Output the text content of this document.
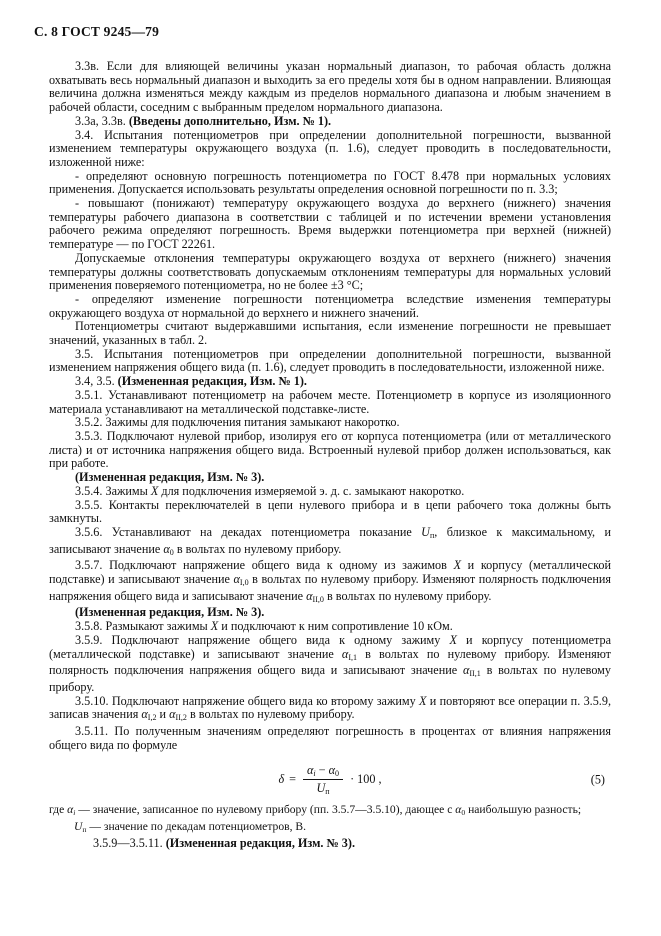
С. 8 ГОСТ 9245—79

3.3в. Если для влияющей величины указан нормальный диапазон, то рабочая область должна охватывать весь нормальный диапазон и выходить за его пределы хотя бы в одном направлении. Влияющая величина должна изменяться между каждым из пределов нормального диапазона и любым значением в рабочей области, соседним с выбранным пределом нормального диапазона.

3.3а, 3.3в. (Введены дополнительно, Изм. № 1).

3.4. Испытания потенциометров при определении дополнительной погрешности, вызванной изменением температуры окружающего воздуха (п. 1.6), следует проводить в последовательности, изложенной ниже:

- определяют основную погрешность потенциометра по ГОСТ 8.478 при нормальных условиях применения. Допускается использовать результаты определения основной погрешности по п. 3.3;

- повышают (понижают) температуру окружающего воздуха до верхнего (нижнего) значения температуры рабочего диапазона в соответствии с таблицей и по истечении времени установления рабочего режима определяют погрешность. Время выдержки потенциометра при верхней (нижней) температуре — по ГОСТ 22261.

Допускаемые отклонения температуры окружающего воздуха от верхнего (нижнего) значения температуры должны соответствовать допускаемым отклонениям температуры для нормальных условий применения поверяемого потенциометра, но не более ±3 °С;

- определяют изменение погрешности потенциометра вследствие изменения температуры окружающего воздуха от нормальной до верхнего и нижнего значений.

Потенциометры считают выдержавшими испытания, если изменение погрешности не превышает значений, указанных в табл. 2.

3.5. Испытания потенциометров при определении дополнительной погрешности, вызванной изменением напряжения общего вида (п. 1.6), следует проводить в последовательности, изложенной ниже.

3.4, 3.5. (Измененная редакция, Изм. № 1).

3.5.1. Устанавливают потенциометр на рабочем месте. Потенциометр в корпусе из изоляционного материала устанавливают на металлической подставке-листе.

3.5.2. Зажимы для подключения питания замыкают накоротко.

3.5.3. Подключают нулевой прибор, изолируя его от корпуса потенциометра (или от металлического листа) и от источника напряжения общего вида. Встроенный нулевой прибор должен использоваться, как при работе.

(Измененная редакция, Изм. № 3).

3.5.4. Зажимы X для подключения измеряемой э. д. с. замыкают накоротко.

3.5.5. Контакты переключателей в цепи нулевого прибора и в цепи рабочего тока должны быть замкнуты.

3.5.6. Устанавливают на декадах потенциометра показание $U_п$, близкое к максимальному, и записывают значение $\alpha_0$ в вольтах по нулевому прибору.

3.5.7. Подключают напряжение общего вида к одному из зажимов X и корпусу (металлической подставке) и записывают значение $\alpha_{I,0}$ в вольтах по нулевому прибору. Изменяют полярность подключения напряжения общего вида и записывают значение $\alpha_{II,0}$ в вольтах по нулевому прибору.

(Измененная редакция, Изм. № 3).

3.5.8. Размыкают зажимы X и подключают к ним сопротивление 10 кОм.

3.5.9. Подключают напряжение общего вида к одному зажиму X и корпусу потенциометра (металлической подставке) и записывают значение $\alpha_{I,1}$ в вольтах по нулевому прибору. Изменяют полярность подключения напряжения общего вида и записывают значение $\alpha_{II,1}$ в вольтах по нулевому прибору.

3.5.10. Подключают напряжение общего вида ко второму зажиму X и повторяют все операции п. 3.5.9, записав значения $\alpha_{I,2}$ и $\alpha_{II,2}$ в вольтах по нулевому прибору.

3.5.11. По полученным значениям определяют погрешность в процентах от влияния напряжения общего вида по формуле

$\delta = \frac{\alpha_i - \alpha_0}{U_п} \cdot 100$ ,	(5)

где $\alpha_i$ — значение, записанное по нулевому прибору (пп. 3.5.7—3.5.10), дающее с $\alpha_0$ наибольшую разность;

$U_п$ — значение по декадам потенциометров, В.

3.5.9—3.5.11. (Измененная редакция, Изм. № 3).
